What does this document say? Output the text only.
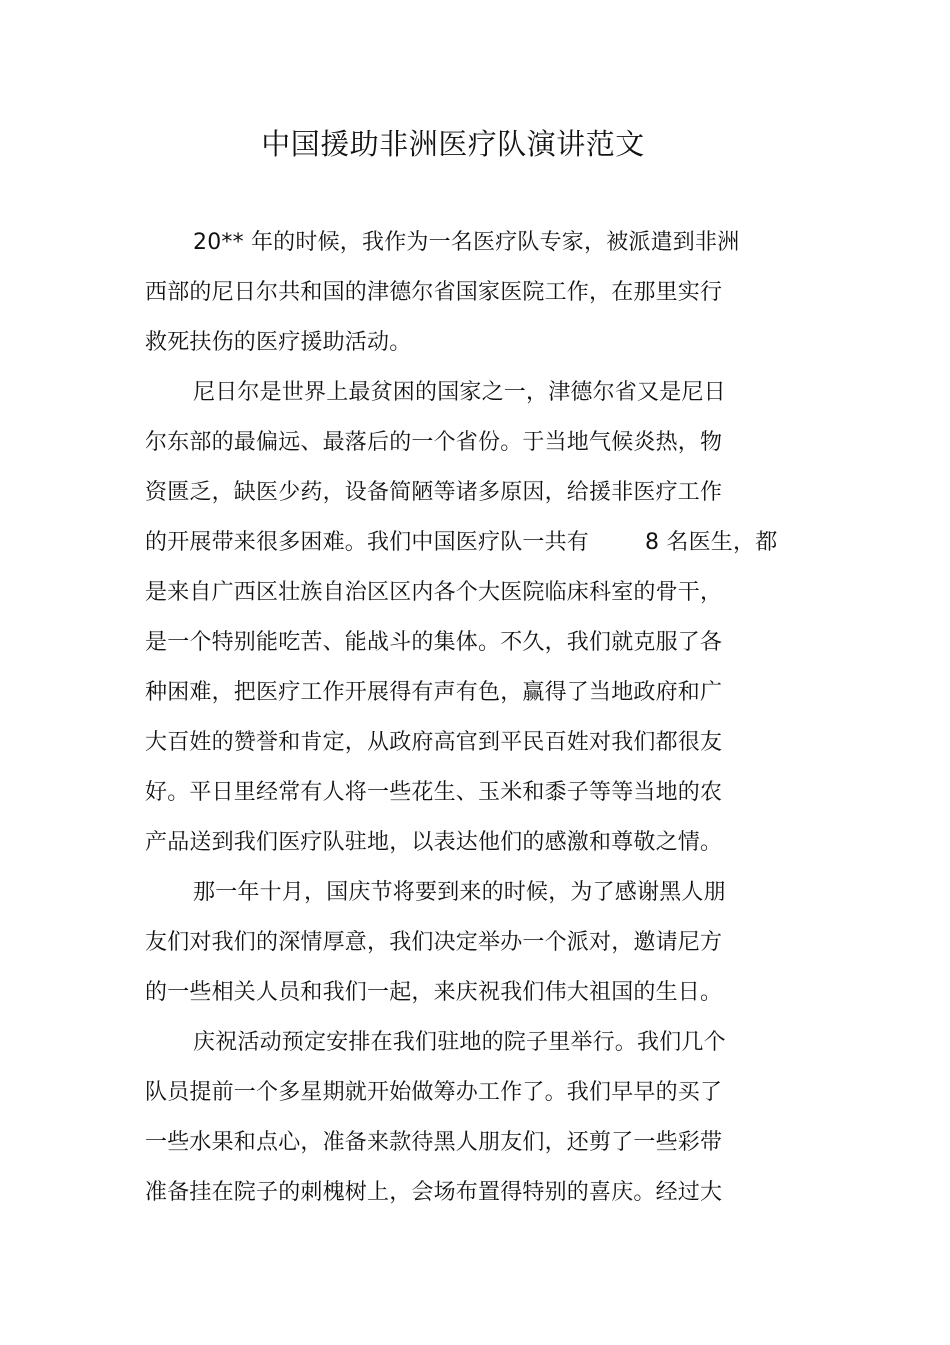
中国援助非洲医疗队演讲范文
20** 年的时候，我作为一名医疗队专家，被派遣到非洲
西部的尼日尔共和国的津德尔省国家医院工作，在那里实行
救死扶伤的医疗援助活动。
尼日尔是世界上最贫困的国家之一，津德尔省又是尼日
尔东部的最偏远、最落后的一个省份。于当地气候炎热，物
资匮乏，缺医少药，设备简陋等诸多原因，给援非医疗工作
的开展带来很多困难。我们中国医疗队一共有	8 名医生，都
是来自广西区壮族自治区区内各个大医院临床科室的骨干，
是一个特别能吃苦、能战斗的集体。不久，我们就克服了各
种困难，把医疗工作开展得有声有色，赢得了当地政府和广
大百姓的赞誉和肯定，从政府高官到平民百姓对我们都很友
好。平日里经常有人将一些花生、玉米和黍子等等当地的农
产品送到我们医疗队驻地，以表达他们的感激和尊敬之情。
那一年十月，国庆节将要到来的时候，为了感谢黑人朋
友们对我们的深情厚意，我们决定举办一个派对，邀请尼方
的一些相关人员和我们一起，来庆祝我们伟大祖国的生日。
庆祝活动预定安排在我们驻地的院子里举行。我们几个
队员提前一个多星期就开始做筹办工作了。我们早早的买了
一些水果和点心，准备来款待黑人朋友们，还剪了一些彩带
准备挂在院子的刺槐树上，会场布置得特别的喜庆。经过大
